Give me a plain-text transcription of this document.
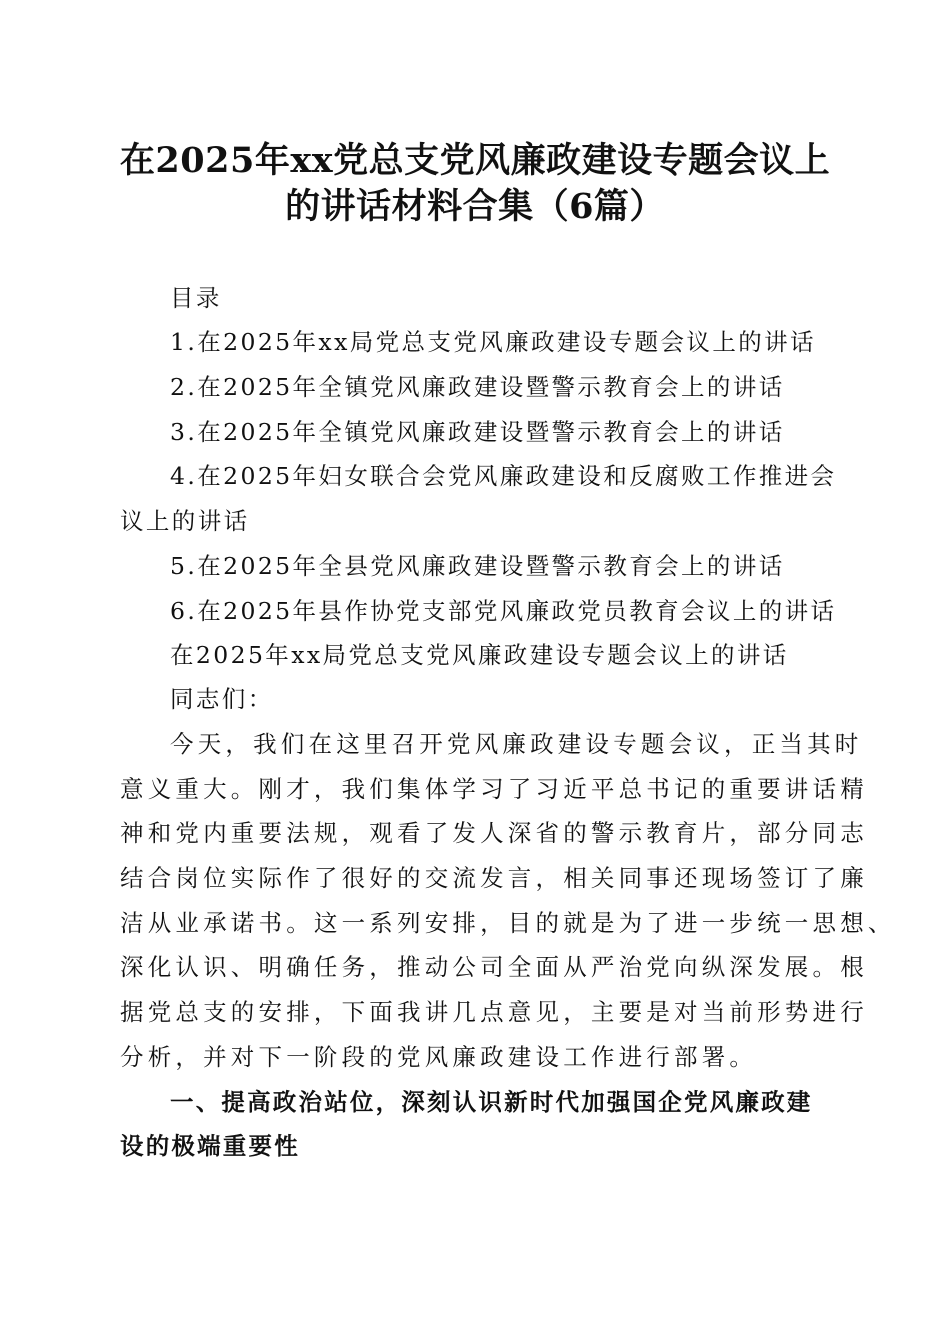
在2025年xx党总支党风廉政建设专题会议上
的讲话材料合集（6篇）
目录
1.在2025年xx局党总支党风廉政建设专题会议上的讲话
2.在2025年全镇党风廉政建设暨警示教育会上的讲话
3.在2025年全镇党风廉政建设暨警示教育会上的讲话
4.在2025年妇女联合会党风廉政建设和反腐败工作推进会
议上的讲话
5.在2025年全县党风廉政建设暨警示教育会上的讲话
6.在2025年县作协党支部党风廉政党员教育会议上的讲话
在2025年xx局党总支党风廉政建设专题会议上的讲话
同志们：
今天，我们在这里召开党风廉政建设专题会议，正当其时
意义重大。刚才，我们集体学习了习近平总书记的重要讲话精
神和党内重要法规，观看了发人深省的警示教育片，部分同志
结合岗位实际作了很好的交流发言，相关同事还现场签订了廉
洁从业承诺书。这一系列安排，目的就是为了进一步统一思想、
深化认识、明确任务，推动公司全面从严治党向纵深发展。根
据党总支的安排，下面我讲几点意见，主要是对当前形势进行
分析，并对下一阶段的党风廉政建设工作进行部署。
一、提高政治站位，深刻认识新时代加强国企党风廉政建
设的极端重要性
